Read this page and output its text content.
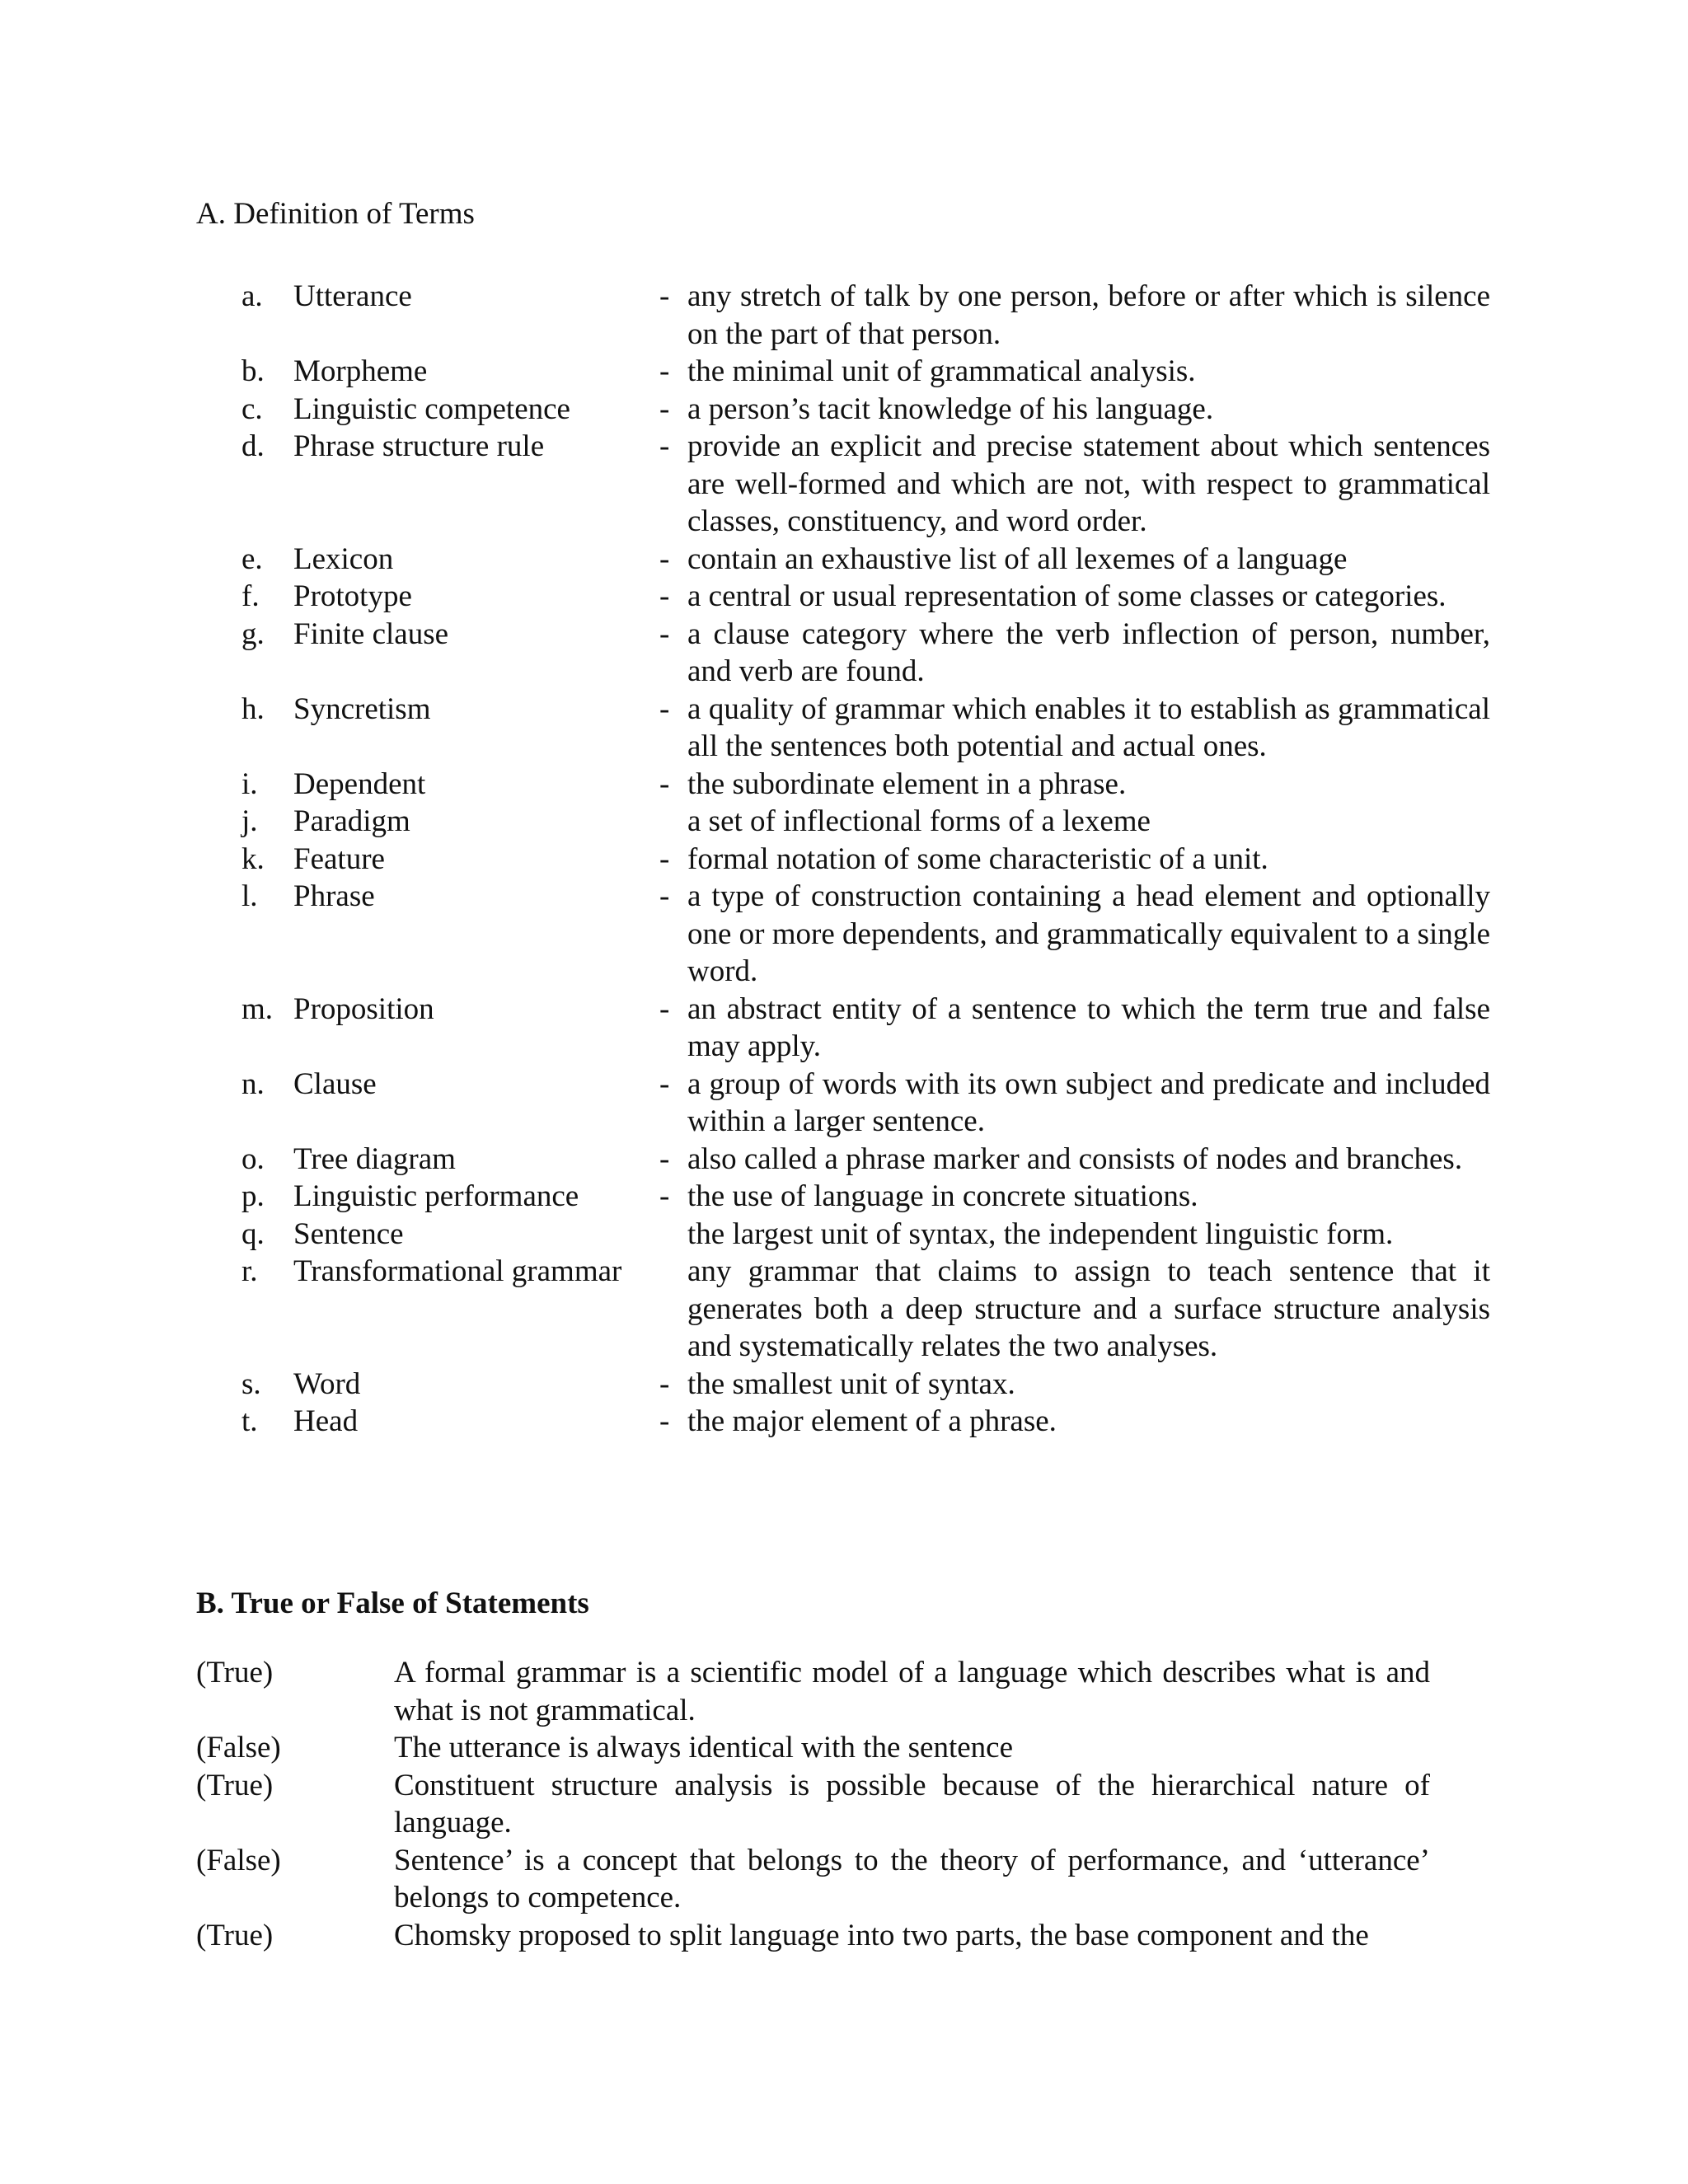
A. Definition of Terms
a.	Utterance	- any stretch of talk by one person, before or after which is silence on the part of that person.
b. Morpheme	- the minimal unit of grammatical analysis.
c.	Linguistic competence	- a person’s tacit knowledge of his language.
d. Phrase structure rule	- provide an explicit and precise statement about which sentences are well-formed and which are not, with respect to grammatical classes, constituency, and word order.
e.	Lexicon	- contain an exhaustive list of all lexemes of a language
f.	Prototype	- a central or usual representation of some classes or categories.
g. Finite clause	- a clause category where the verb inflection of person, number, and verb are found.
h. Syncretism	- a quality of grammar which enables it to establish as grammatical all the sentences both potential and actual ones.
i.	Dependent	- the subordinate element in a phrase.
j.	Paradigm	a set of inflectional forms of a lexeme
k. Feature	- formal notation of some characteristic of a unit.
l.	Phrase	- a type of construction containing a head element and optionally one or more dependents, and grammatically equivalent to a single word.
m. Proposition	- an abstract entity of a sentence to which the term true and false may apply.
n. Clause	- a group of words with its own subject and predicate and included within a larger sentence.
o. Tree diagram	- also called a phrase marker and consists of nodes and branches.
p. Linguistic performance	- the use of language in concrete situations.
q. Sentence	the largest unit of syntax, the independent linguistic form.
r.	Transformational grammar	any grammar that claims to assign to teach sentence that it generates both a deep structure and a surface structure analysis and systematically relates the two analyses.
s.	Word	- the smallest unit of syntax.
t.	Head	- the major element of a phrase.
B. True or False of Statements
(True)	A formal grammar is a scientific model of a language which describes what is and what is not grammatical.
(False)	The utterance is always identical with the sentence
(True)	Constituent structure analysis is possible because of the hierarchical nature of language.
(False)	Sentence’ is a concept that belongs to the theory of performance, and ‘utterance’ belongs to competence.
(True)	Chomsky proposed to split language into two parts, the base component and the
